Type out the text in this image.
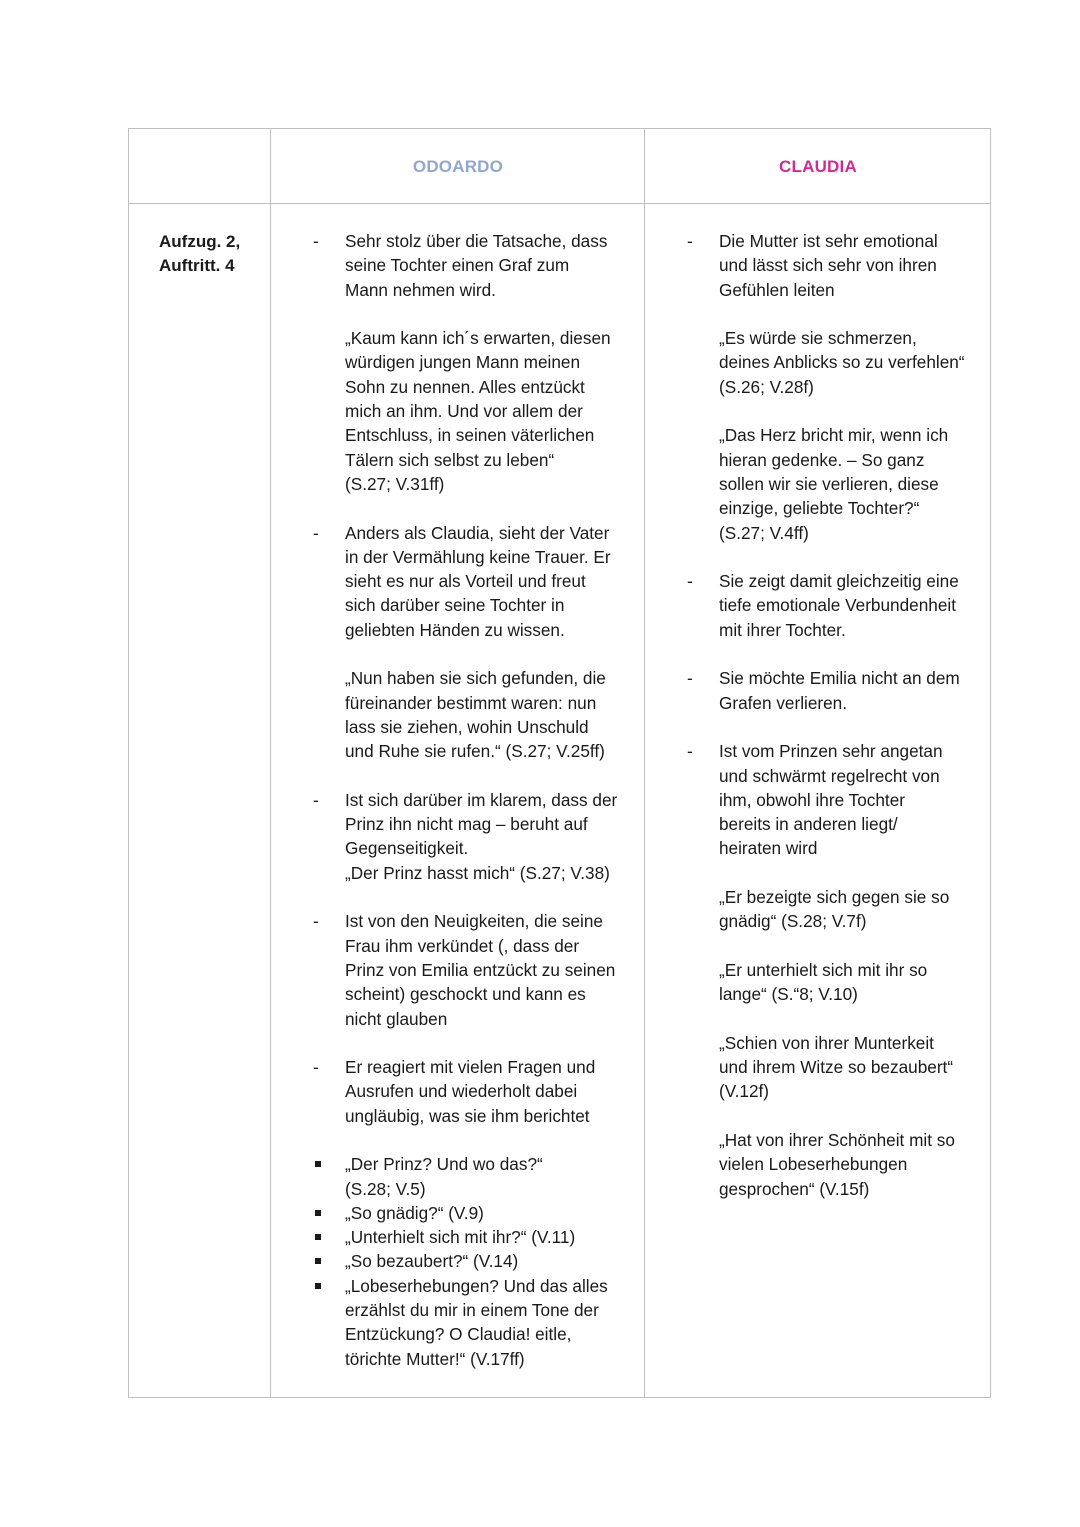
ODOARDO	CLAUDIA
Aufzug. 2,
Auftritt. 4
- Sehr stolz über die Tatsache, dass
seine Tochter einen Graf zum
Mann nehmen wird.
„Kaum kann ich´s erwarten, diesen
würdigen jungen Mann meinen
Sohn zu nennen. Alles entzückt
mich an ihm. Und vor allem der
Entschluss, in seinen väterlichen
Tälern sich selbst zu leben“
(S.27; V.31ff)
- Anders als Claudia, sieht der Vater
in der Vermählung keine Trauer. Er
sieht es nur als Vorteil und freut
sich darüber seine Tochter in
geliebten Händen zu wissen.
„Nun haben sie sich gefunden, die
füreinander bestimmt waren: nun
lass sie ziehen, wohin Unschuld
und Ruhe sie rufen.“ (S.27; V.25ff)
- Ist sich darüber im klarem, dass der
Prinz ihn nicht mag – beruht auf
Gegenseitigkeit.
„Der Prinz hasst mich“ (S.27; V.38)
- Ist von den Neuigkeiten, die seine
Frau ihm verkündet (, dass der
Prinz von Emilia entzückt zu seinen
scheint) geschockt und kann es
nicht glauben
- Er reagiert mit vielen Fragen und
Ausrufen und wiederholt dabei
ungläubig, was sie ihm berichtet
„Der Prinz? Und wo das?“
(S.28; V.5)
„So gnädig?“ (V.9)
„Unterhielt sich mit ihr?“ (V.11)
„So bezaubert?“ (V.14)
„Lobeserhebungen? Und das alles
erzählst du mir in einem Tone der
Entzückung? O Claudia! eitle,
törichte Mutter!“ (V.17ff)
- Die Mutter ist sehr emotional
und lässt sich sehr von ihren
Gefühlen leiten
„Es würde sie schmerzen,
deines Anblicks so zu verfehlen“
(S.26; V.28f)
„Das Herz bricht mir, wenn ich
hieran gedenke. – So ganz
sollen wir sie verlieren, diese
einzige, geliebte Tochter?“
(S.27; V.4ff)
- Sie zeigt damit gleichzeitig eine
tiefe emotionale Verbundenheit
mit ihrer Tochter.
- Sie möchte Emilia nicht an dem
Grafen verlieren.
- Ist vom Prinzen sehr angetan
und schwärmt regelrecht von
ihm, obwohl ihre Tochter
bereits in anderen liegt/
heiraten wird
„Er bezeigte sich gegen sie so
gnädig“ (S.28; V.7f)
„Er unterhielt sich mit ihr so
lange“ (S.“8; V.10)
„Schien von ihrer Munterkeit
und ihrem Witze so bezaubert“
(V.12f)
„Hat von ihrer Schönheit mit so
vielen Lobeserhebungen
gesprochen“ (V.15f)
